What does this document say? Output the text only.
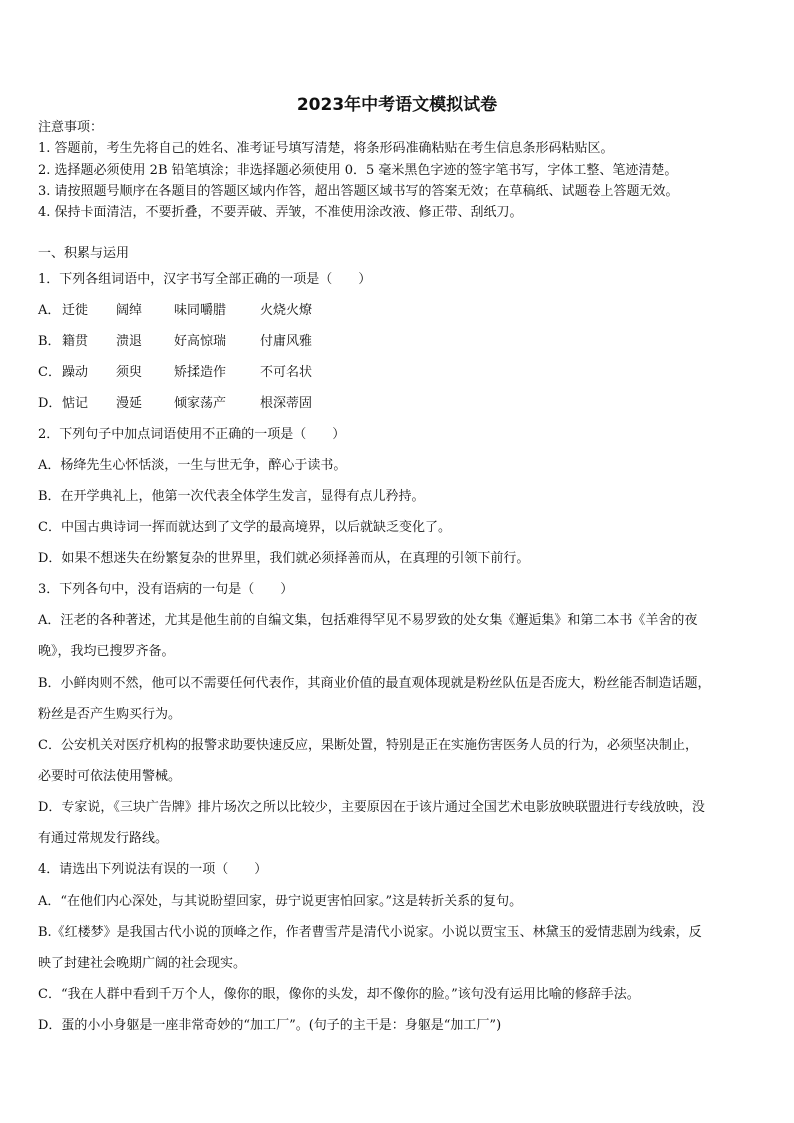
2023年中考语文模拟试卷
注意事项：
1. 答题前，考生先将自己的姓名、准考证号填写清楚，将条形码准确粘贴在考生信息条形码粘贴区。
2. 选择题必须使用 2B 铅笔填涂；非选择题必须使用 0．5 毫米黑色字迹的签字笔书写，字体工整、笔迹清楚。
3. 请按照题号顺序在各题目的答题区域内作答，超出答题区域书写的答案无效；在草稿纸、试题卷上答题无效。
4. 保持卡面清洁，不要折叠，不要弄破、弄皱，不准使用涂改液、修正带、刮纸刀。
一、积累与运用
1．下列各组词语中，汉字书写全部正确的一项是（　　）
A． 迁徙 阔绰 味同嚼腊	火烧火燎
B．籍贯 溃退 好高惊瑞	付庸风雅
C．躁动 须臾 矫揉造作	不可名状
D．惦记 漫延 倾家荡产	根深蒂固
2．下列句子中加点词语使用不正确的一项是（　　）
A．杨绛先生心怀恬淡，一生与世无争，醉心于读书。
B．在开学典礼上，他第一次代表全体学生发言，显得有点儿矜持。
C．中国古典诗词一挥而就达到了文学的最高境界，以后就缺乏变化了。
D．如果不想迷失在纷繁复杂的世界里，我们就必须择善而从，在真理的引领下前行。
3．下列各句中，没有语病的一句是（　　）
A．汪老的各种著述，尤其是他生前的自编文集，包括难得罕见不易罗致的处女集《邂逅集》和第二本书《羊舍的夜
晚》，我均已搜罗齐备。
B．小鲜肉则不然，他可以不需要任何代表作，其商业价值的最直观体现就是粉丝队伍是否庞大，粉丝能否制造话题，
粉丝是否产生购买行为。
C．公安机关对医疗机构的报警求助要快速反应，果断处置，特别是正在实施伤害医务人员的行为，必须坚决制止，
必要时可依法使用警械。
D．专家说，《三块广告牌》排片场次之所以比较少，主要原因在于该片通过全国艺术电影放映联盟进行专线放映，没
有通过常规发行路线。
4．请选出下列说法有误的一项（　　）
A．“在他们内心深处，与其说盼望回家，毋宁说更害怕回家。”这是转折关系的复句。
B.《红楼梦》是我国古代小说的顶峰之作，作者曹雪芹是清代小说家。小说以贾宝玉、林黛玉的爱情悲剧为线索，反
映了封建社会晚期广阔的社会现实。
C．“我在人群中看到千万个人，像你的眼，像你的头发，却不像你的脸。”该句没有运用比喻的修辞手法。
D．蛋的小小身躯是一座非常奇妙的“加工厂”。(句子的主干是：身躯是“加工厂”)
